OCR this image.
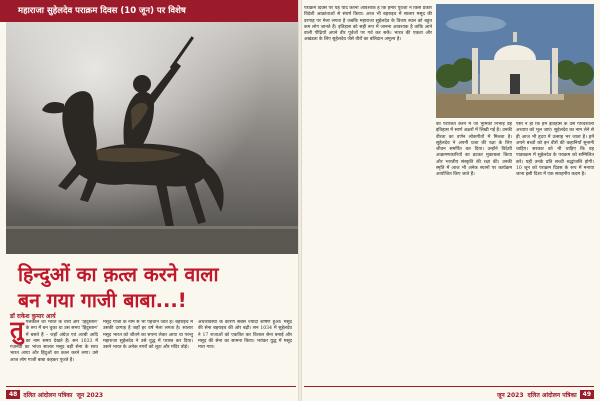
महाराजा सुहेलदेव पराक्रम दिवस (10 जून) पर विशेष
हिन्दुओं का क़त्ल करने वाला
बन गया गाजी बाबा...!
डॉ राकेश कुमार आर्य
तु गलकाल जो भारत के चारो ओर 'हिंदुस्तान' के रूप में बन चुका था उस समय 'हिंदुस्तान' में बसते हैं – जहाँ अंग्रेज़ एवं अरबी आदि का नाम समय देखते हैं। सन 1033 में गज़नवी का भांजा सालार मसूद बड़ी सेना के साथ भारत आया और हिंदुओं का कत्ल करने लगा। उसे आज लोग गाजी बाबा कहकर पूजते हैं।
मसूद गाजी के नाम से भी पहचाने जाते हैं। बहराइच में उसकी दरगाह है जहाँ हर वर्ष मेला लगता है। सालार मसूद भारत को जीतने का सपना लेकर आया था परन्तु महाराजा सुहेलदेव ने उसे युद्ध में परास्त कर दिया। उसने भारत के अनेक नगरों को लूटा और मंदिर तोड़े।
अर्थव्यवस्था के कारण सबसे ज्यादा शोषण हुआ। मसूद की सेना बहराइच की ओर बढ़ी। सन 1034 में सुहेलदेव ने 17 राजाओं को एकत्रित कर विशाल सेना बनाई और मसूद की सेना का सामना किया। भयंकर युद्ध में मसूद मारा गया।
48	दलित आंदोलन पत्रिका जून 2023
पराक्रम दिवस पर यह याद करना आवश्यक है कि हमारे पूर्वजों ने किस प्रकार विदेशी आक्रांताओं से संघर्ष किया। आज भी बहराइच में सालार मसूद की दरगाह पर मेला लगता है जबकि महाराजा सुहेलदेव के विजय स्थल को बहुत कम लोग जानते हैं। इतिहास को सही रूप में जानना आवश्यक है ताकि आने वाली पीढ़ियाँ अपने वीर पूर्वजों पर गर्व कर सकें। भारत की एकता और अखंडता के लिए सुहेलदेव जैसे वीरों का बलिदान अमूल्य है।
को पराजित करने में जो भूमिका निभाई वह इतिहास में स्वर्ण अक्षरों में लिखी गई है। उनकी वीरता का वर्णन लोकगीतों में मिलता है। सुहेलदेव ने अपनी प्रजा की रक्षा के लिए जीवन समर्पित कर दिया। उन्होंने विदेशी आक्रमणकारियों का डटकर मुकाबला किया और भारतीय संस्कृति की रक्षा की। उनकी स्मृति में आज भी अनेक स्थानों पर कार्यक्रम आयोजित किए जाते हैं।
ऐसा न हो कि हम इतिहास के उस गौरवशाली अध्याय को भूल जाएं। सुहेलदेव का नाम लेने से ही आज भी हृदय में उत्साह भर जाता है। हमें अपने बच्चों को इन वीरों की कहानियाँ सुनानी चाहिए। सरकार को भी चाहिए कि वह पाठ्यक्रम में सुहेलदेव के पराक्रम को सम्मिलित करे। यही उनके प्रति सच्ची श्रद्धांजलि होगी। 10 जून को पराक्रम दिवस के रूप में मनाया जाना इसी दिशा में एक सराहनीय कदम है।
जून 2023 दलित आंदोलन पत्रिका	49
